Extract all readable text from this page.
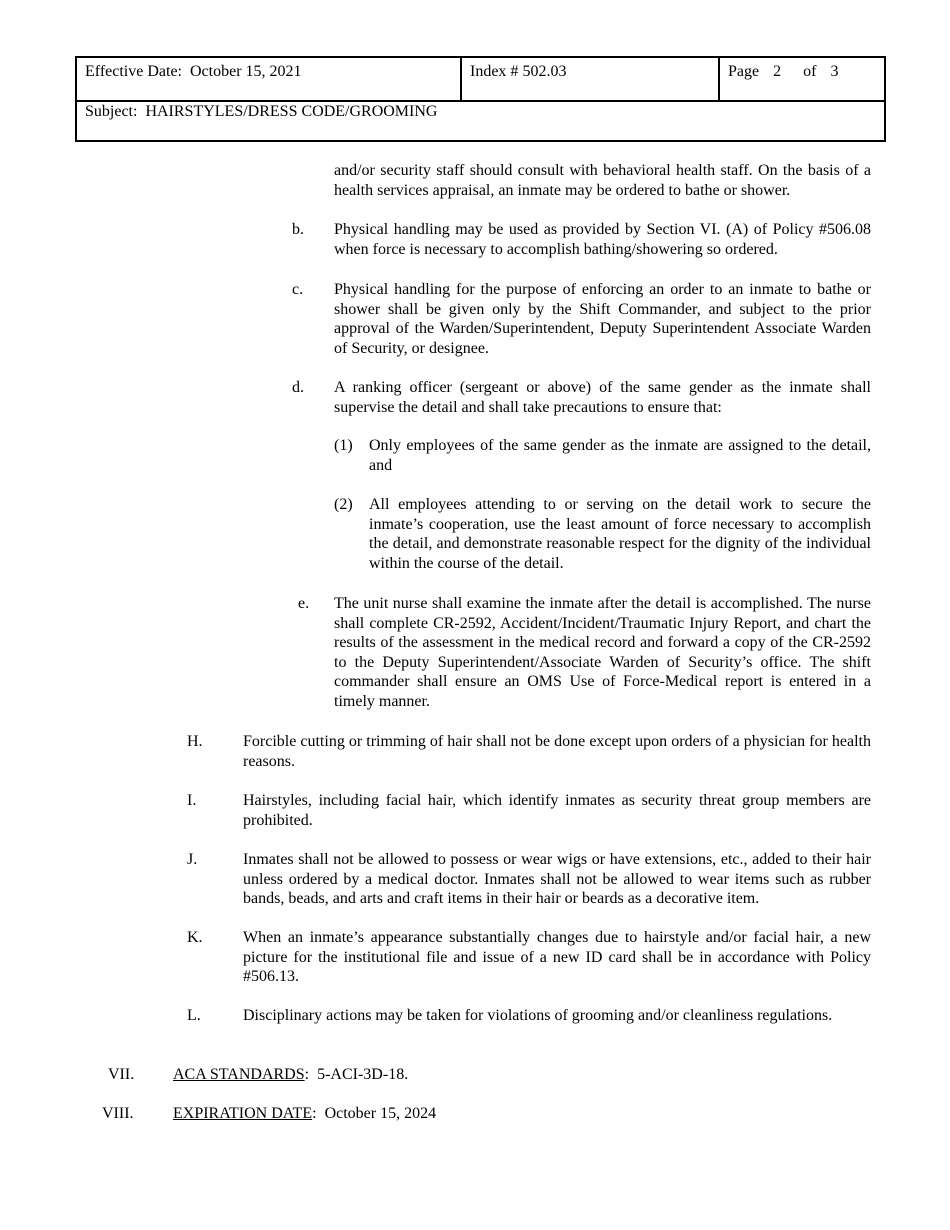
Effective Date: October 15, 2021	Index # 502.03	Page 2 of 3
Subject: HAIRSTYLES/DRESS CODE/GROOMING
and/or security staff should consult with behavioral health staff. On the basis of a health services appraisal, an inmate may be ordered to bathe or shower.
b. Physical handling may be used as provided by Section VI. (A) of Policy #506.08 when force is necessary to accomplish bathing/showering so ordered.
c. Physical handling for the purpose of enforcing an order to an inmate to bathe or shower shall be given only by the Shift Commander, and subject to the prior approval of the Warden/Superintendent, Deputy Superintendent Associate Warden of Security, or designee.
d. A ranking officer (sergeant or above) of the same gender as the inmate shall supervise the detail and shall take precautions to ensure that:
(1) Only employees of the same gender as the inmate are assigned to the detail, and
(2) All employees attending to or serving on the detail work to secure the inmate’s cooperation, use the least amount of force necessary to accomplish the detail, and demonstrate reasonable respect for the dignity of the individual within the course of the detail.
e. The unit nurse shall examine the inmate after the detail is accomplished. The nurse shall complete CR-2592, Accident/Incident/Traumatic Injury Report, and chart the results of the assessment in the medical record and forward a copy of the CR-2592 to the Deputy Superintendent/Associate Warden of Security’s office. The shift commander shall ensure an OMS Use of Force-Medical report is entered in a timely manner.
H.	Forcible cutting or trimming of hair shall not be done except upon orders of a physician for health reasons.
I.	Hairstyles, including facial hair, which identify inmates as security threat group members are prohibited.
J.	Inmates shall not be allowed to possess or wear wigs or have extensions, etc., added to their hair unless ordered by a medical doctor. Inmates shall not be allowed to wear items such as rubber bands, beads, and arts and craft items in their hair or beards as a decorative item.
K.	When an inmate’s appearance substantially changes due to hairstyle and/or facial hair, a new picture for the institutional file and issue of a new ID card shall be in accordance with Policy #506.13.
L.	Disciplinary actions may be taken for violations of grooming and/or cleanliness regulations.
VII. ACA STANDARDS:  5-ACI-3D-18.
VIII. EXPIRATION DATE:  October 15, 2024
